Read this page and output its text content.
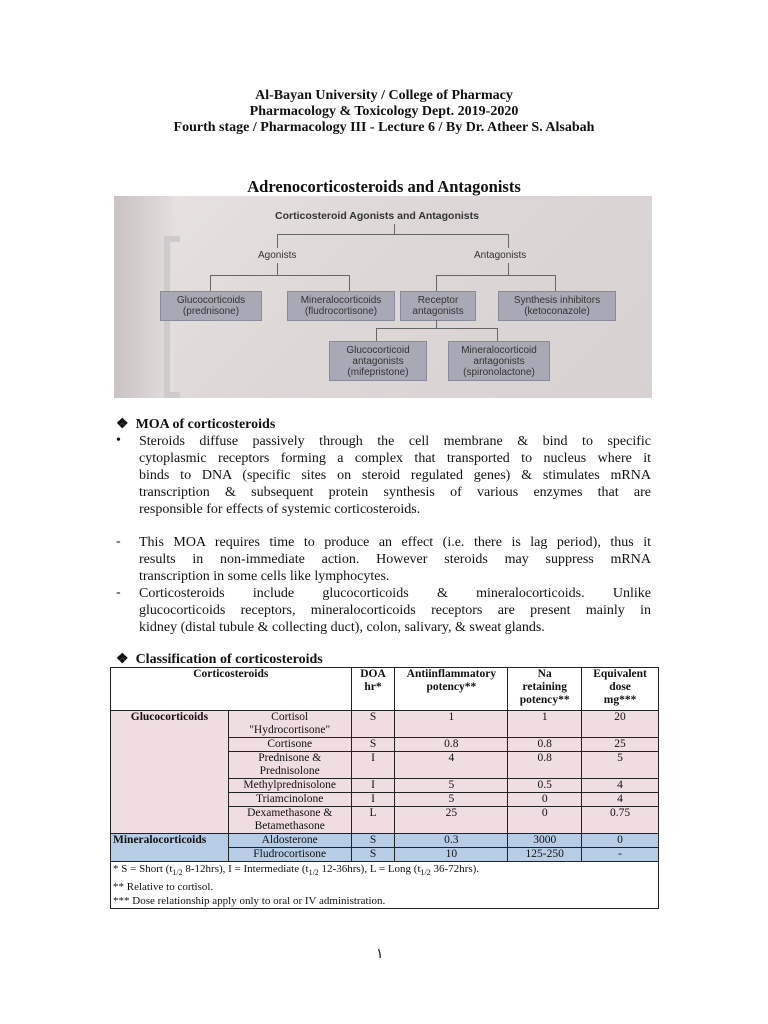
Al-Bayan University / College of Pharmacy
Pharmacology & Toxicology Dept. 2019-2020
Fourth stage / Pharmacology III - Lecture 6 / By Dr. Atheer S. Alsabah
Adrenocorticosteroids and Antagonists
Corticosteroid Agonists and Antagonists
Agonists	Antagonists
Glucocorticoids
(prednisone)
Mineralocorticoids
(fludrocortisone)
Receptor
antagonists
Synthesis inhibitors
(ketoconazole)
Glucocorticoid
antagonists
(mifepristone)
Mineralocorticoid
antagonists
(spironolactone)
❖ MOA of corticosteroids
• Steroids diffuse passively through the cell membrane & bind to specific
cytoplasmic receptors forming a complex that transported to nucleus where it
binds to DNA (specific sites on steroid regulated genes) & stimulates mRNA
transcription & subsequent protein synthesis of various enzymes that are
responsible for effects of systemic corticosteroids.
- This MOA requires time to produce an effect (i.e. there is lag period), thus it
results in non-immediate action. However steroids may suppress mRNA
transcription in some cells like lymphocytes.
- Corticosteroids include glucocorticoids & mineralocorticoids. Unlike
glucocorticoids receptors, mineralocorticoids receptors are present mainly in
kidney (distal tubule & collecting duct), colon, salivary, & sweat glands.
❖ Classification of corticosteroids
Corticosteroids		DOA
hr*	Antiinflammatory
potency**	Na
retaining
potency**	Equivalent
dose
mg***
Glucocorticoids	Cortisol
"Hydrocortisone"	S	1	1	20
	Cortisone	S	0.8	0.8	25
	Prednisone &
Prednisolone	I	4	0.8	5
	Methylprednisolone	I	5	0.5	4
	Triamcinolone	I	5	0	4
	Dexamethasone &
Betamethasone	L	25	0	0.75
Mineralocorticoids	Aldosterone	S	0.3	3000	0
	Fludrocortisone	S	10	125-250	-

* S = Short ($t_{1/2}$ 8-12hrs), I = Intermediate ($t_{1/2}$ 12-36hrs), L = Long ($t_{1/2}$ 36-72hrs).
** Relative to cortisol.
*** Dose relationship apply only to oral or IV administration.					
١
